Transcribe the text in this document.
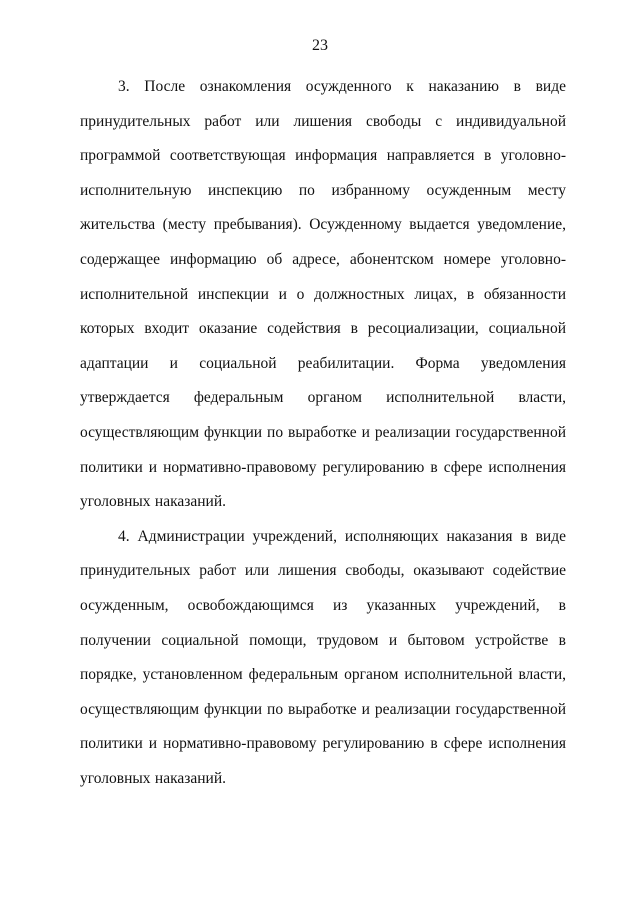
23

3. После ознакомления осужденного к наказанию в виде принудительных работ или лишения свободы с индивидуальной программой соответствующая информация направляется в уголовно-исполнительную инспекцию по избранному осужденным месту жительства (месту пребывания). Осужденному выдается уведомление, содержащее информацию об адресе, абонентском номере уголовно-исполнительной инспекции и о должностных лицах, в обязанности которых входит оказание содействия в ресоциализации, социальной адаптации и социальной реабилитации. Форма уведомления утверждается федеральным органом исполнительной власти, осуществляющим функции по выработке и реализации государственной политики и нормативно-правовому регулированию в сфере исполнения уголовных наказаний.

4. Администрации учреждений, исполняющих наказания в виде принудительных работ или лишения свободы, оказывают содействие осужденным, освобождающимся из указанных учреждений, в получении социальной помощи, трудовом и бытовом устройстве в порядке, установленном федеральным органом исполнительной власти, осуществляющим функции по выработке и реализации государственной политики и нормативно-правовому регулированию в сфере исполнения уголовных наказаний.
